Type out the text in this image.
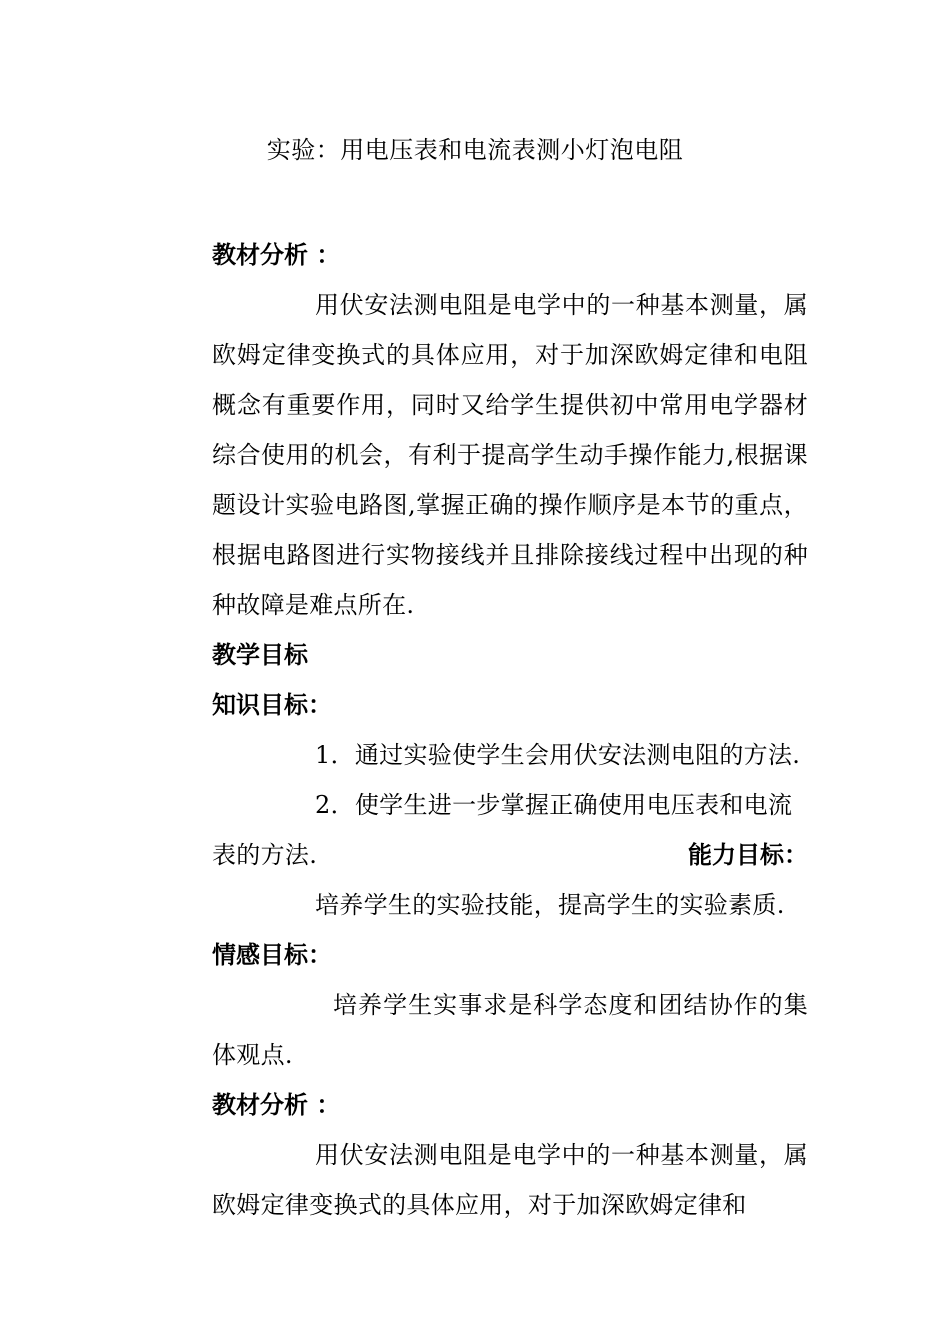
实验：用电压表和电流表测小灯泡电阻
教材分析 ：
用伏安法测电阻是电学中的一种基本测量，属欧姆定律变换式的具体应用，对于加深欧姆定律和电阻概念有重要作用，同时又给学生提供初中常用电学器材综合使用的机会，有利于提高学生动手操作能力,根据课题设计实验电路图,掌握正确的操作顺序是本节的重点，根据电路图进行实物接线并且排除接线过程中出现的种种故障是难点所在.
教学目标
知识目标：
1．通过实验使学生会用伏安法测电阻的方法.
2．使学生进一步掌握正确使用电压表和电流
表的方法.	能力目标：
培养学生的实验技能，提高学生的实验素质.
情感目标：
培养学生实事求是科学态度和团结协作的集体观点.
教材分析 ：
用伏安法测电阻是电学中的一种基本测量，属欧姆定律变换式的具体应用，对于加深欧姆定律和
